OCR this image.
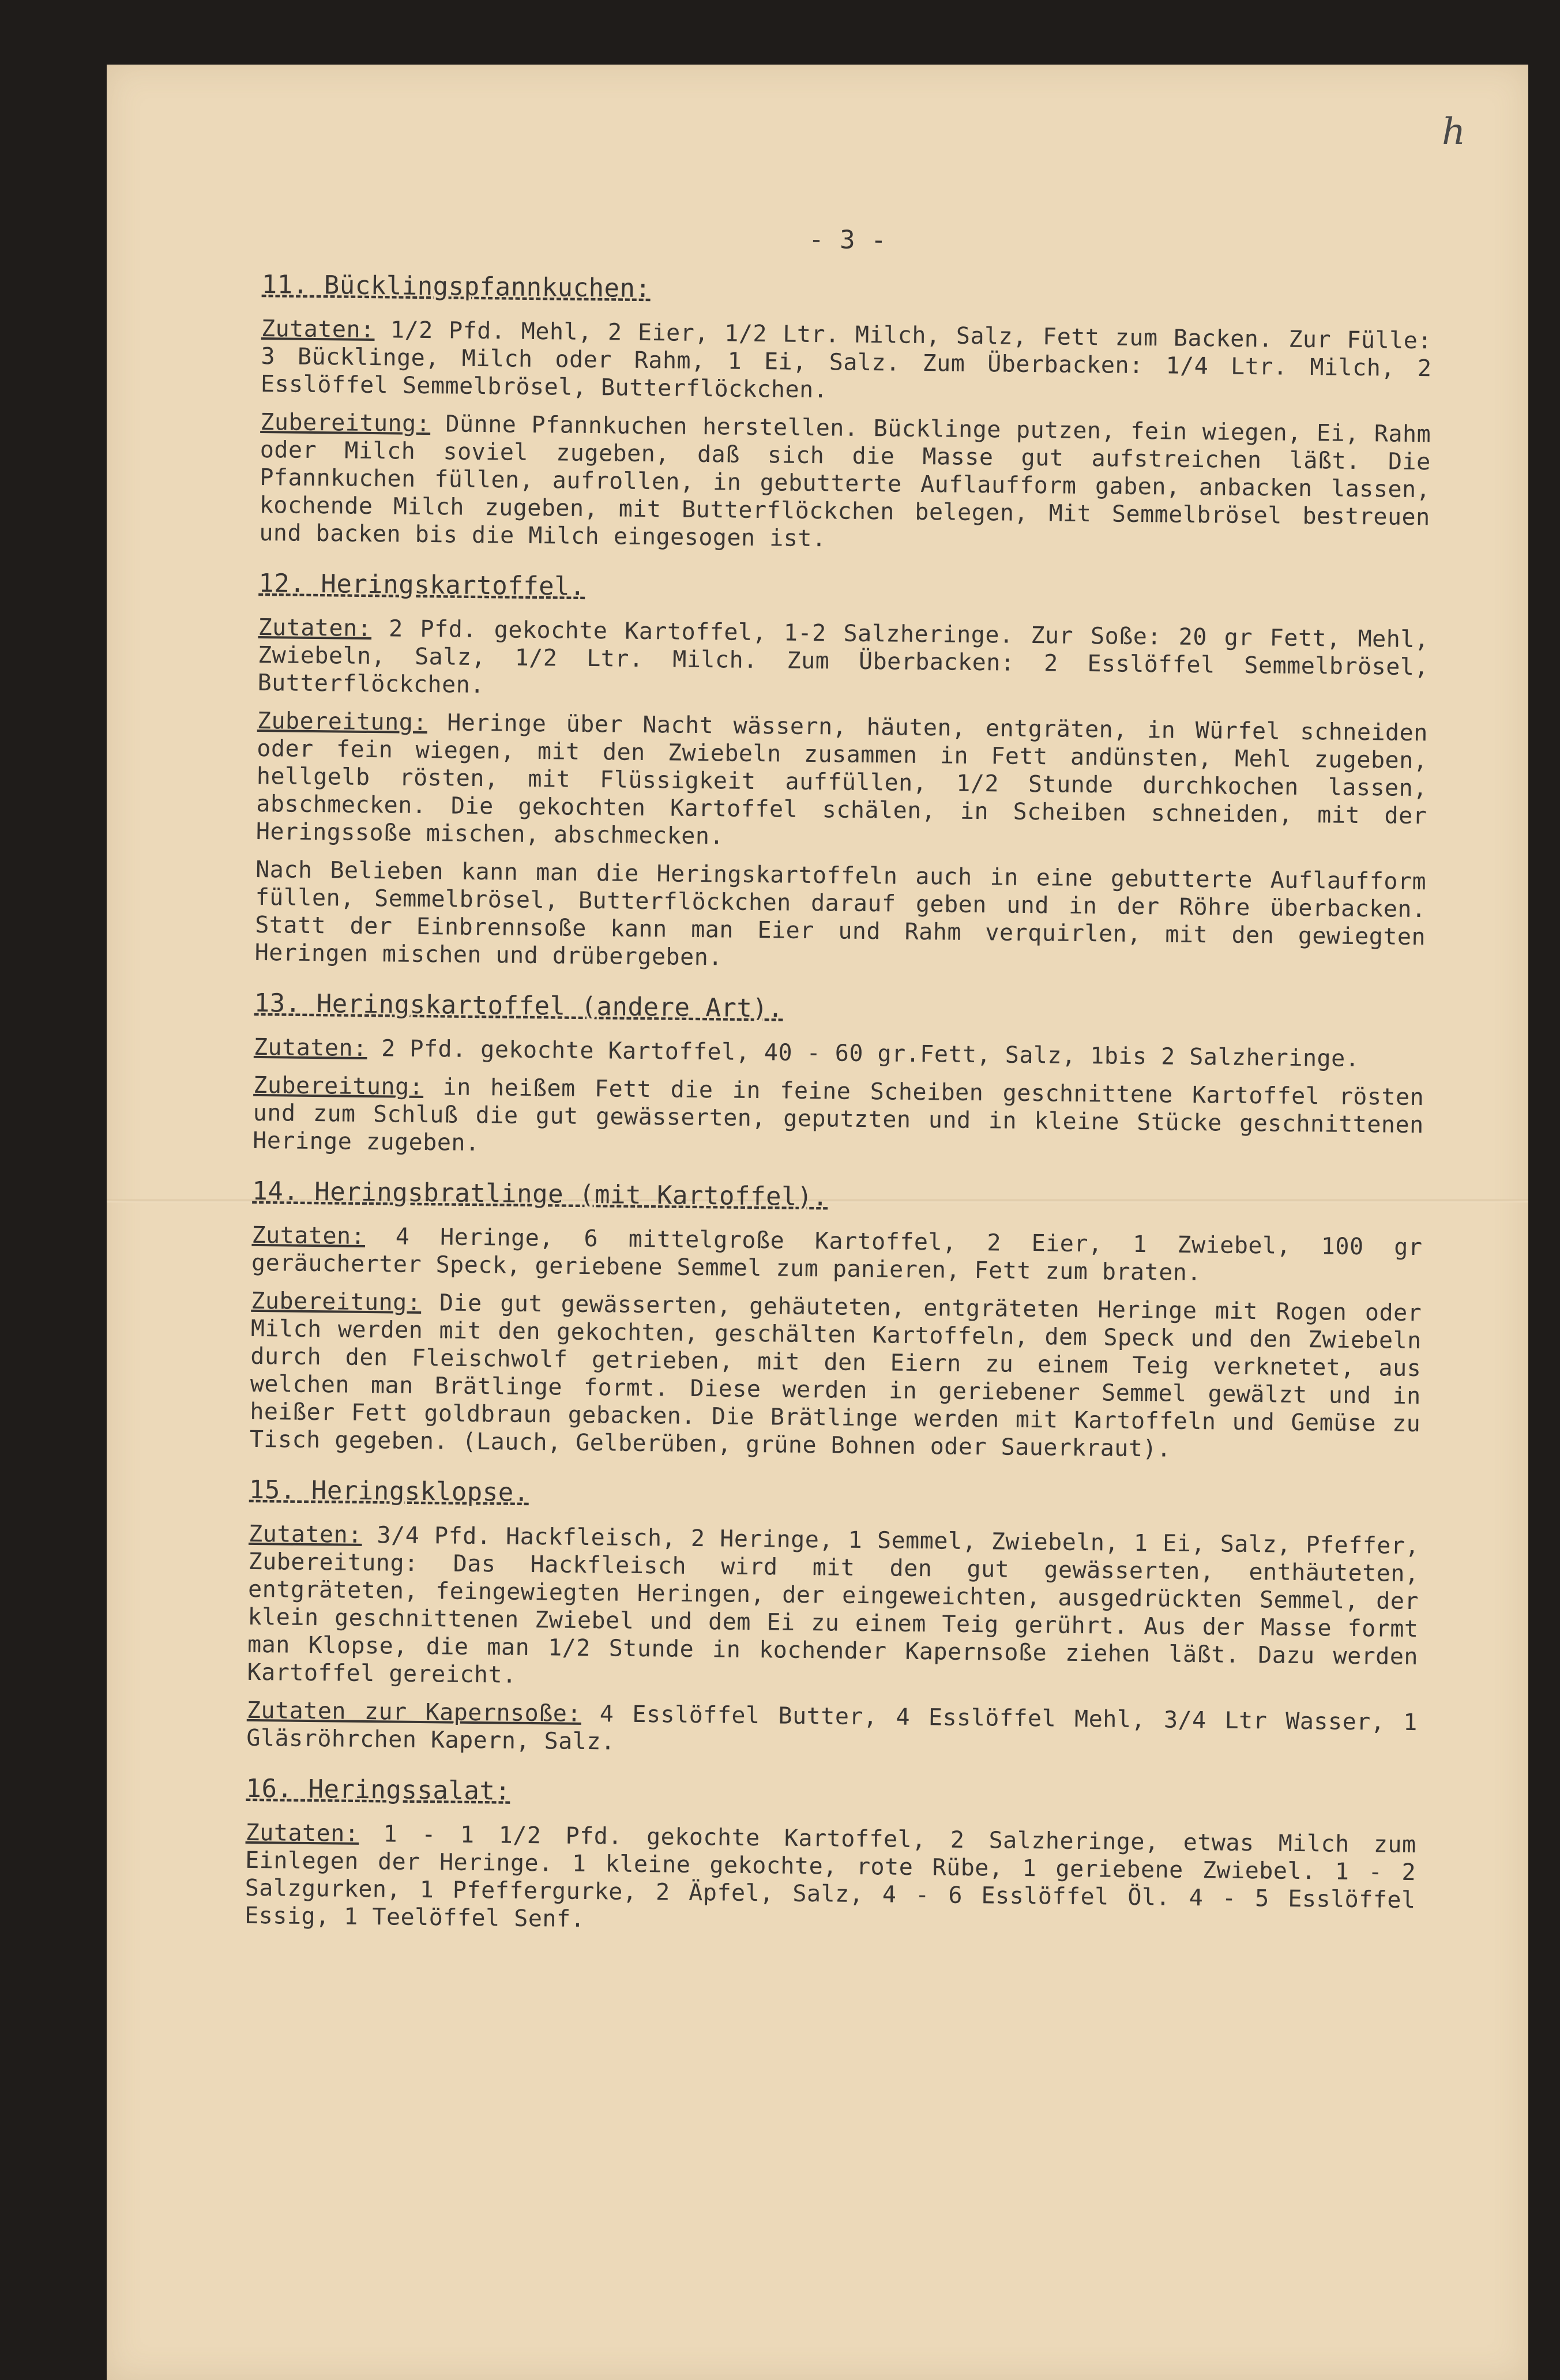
h
- 3 -
11. Bücklingspfannkuchen:

Zutaten: 1/2 Pfd. Mehl, 2 Eier, 1/2 Ltr. Milch, Salz, Fett zum Backen. Zur Fülle: 3 Bücklinge, Milch oder Rahm, 1 Ei, Salz. Zum Überbacken: 1/4 Ltr. Milch, 2 Esslöffel Semmelbrösel, Butterflöckchen.

Zubereitung: Dünne Pfannkuchen herstellen. Bücklinge putzen, fein wiegen, Ei, Rahm oder Milch soviel zugeben, daß sich die Masse gut aufstreichen läßt. Die Pfannkuchen füllen, aufrollen, in gebutterte Auflaufform gaben, anbacken lassen, kochende Milch zugeben, mit Butterflöckchen belegen, Mit Semmelbrösel bestreuen und backen bis die Milch eingesogen ist.

12. Heringskartoffel.

Zutaten: 2 Pfd. gekochte Kartoffel, 1-2 Salzheringe. Zur Soße: 20 gr Fett, Mehl, Zwiebeln, Salz, 1/2 Ltr. Milch. Zum Überbacken: 2 Esslöffel Semmelbrösel, Butterflöckchen.

Zubereitung: Heringe über Nacht wässern, häuten, entgräten, in Würfel schneiden oder fein wiegen, mit den Zwiebeln zusammen in Fett andünsten, Mehl zugeben, hellgelb rösten, mit Flüssigkeit auffüllen, 1/2 Stunde durchkochen lassen, abschmecken. Die gekochten Kartoffel schälen, in Scheiben schneiden, mit der Heringssoße mischen, abschmecken.

Nach Belieben kann man die Heringskartoffeln auch in eine gebutterte Auflaufform füllen, Semmelbrösel, Butterflöckchen darauf geben und in der Röhre überbacken. Statt der Einbrennsoße kann man Eier und Rahm verquirlen, mit den gewiegten Heringen mischen und drübergeben.

13. Heringskartoffel (andere Art).

Zutaten: 2 Pfd. gekochte Kartoffel, 40 - 60 gr.Fett, Salz, 1bis 2 Salzheringe.

Zubereitung: in heißem Fett die in feine Scheiben geschnittene Kartoffel rösten und zum Schluß die gut gewässerten, geputzten und in kleine Stücke geschnittenen Heringe zugeben.

14. Heringsbratlinge (mit Kartoffel).

Zutaten: 4 Heringe, 6 mittelgroße Kartoffel, 2 Eier, 1 Zwiebel, 100 gr geräucherter Speck, geriebene Semmel zum panieren, Fett zum braten.

Zubereitung: Die gut gewässerten, gehäuteten, entgräteten Heringe mit Rogen oder Milch werden mit den gekochten, geschälten Kartoffeln, dem Speck und den Zwiebeln durch den Fleischwolf getrieben, mit den Eiern zu einem Teig verknetet, aus welchen man Brätlinge formt. Diese werden in geriebener Semmel gewälzt und in heißer Fett goldbraun gebacken. Die Brätlinge werden mit Kartoffeln und Gemüse zu Tisch gegeben. (Lauch, Gelberüben, grüne Bohnen oder Sauerkraut).

15. Heringsklopse.

Zutaten: 3/4 Pfd. Hackfleisch, 2 Heringe, 1 Semmel, Zwiebeln, 1 Ei, Salz, Pfeffer, Zubereitung: Das Hackfleisch wird mit den gut gewässerten, enthäuteten, entgräteten, feingewiegten Heringen, der eingeweichten, ausgedrückten Semmel, der klein geschnittenen Zwiebel und dem Ei zu einem Teig gerührt. Aus der Masse formt man Klopse, die man 1/2 Stunde in kochender Kapernsoße ziehen läßt. Dazu werden Kartoffel gereicht.

Zutaten zur Kapernsoße: 4 Esslöffel Butter, 4 Esslöffel Mehl, 3/4 Ltr Wasser, 1 Gläsröhrchen Kapern, Salz.

16. Heringssalat:

Zutaten: 1 - 1 1/2 Pfd. gekochte Kartoffel, 2 Salzheringe, etwas Milch zum Einlegen der Heringe. 1 kleine gekochte, rote Rübe, 1 geriebene Zwiebel. 1 - 2 Salzgurken, 1 Pfeffergurke, 2 Äpfel, Salz, 4 - 6 Esslöffel Öl. 4 - 5 Esslöffel Essig, 1 Teelöffel Senf.
